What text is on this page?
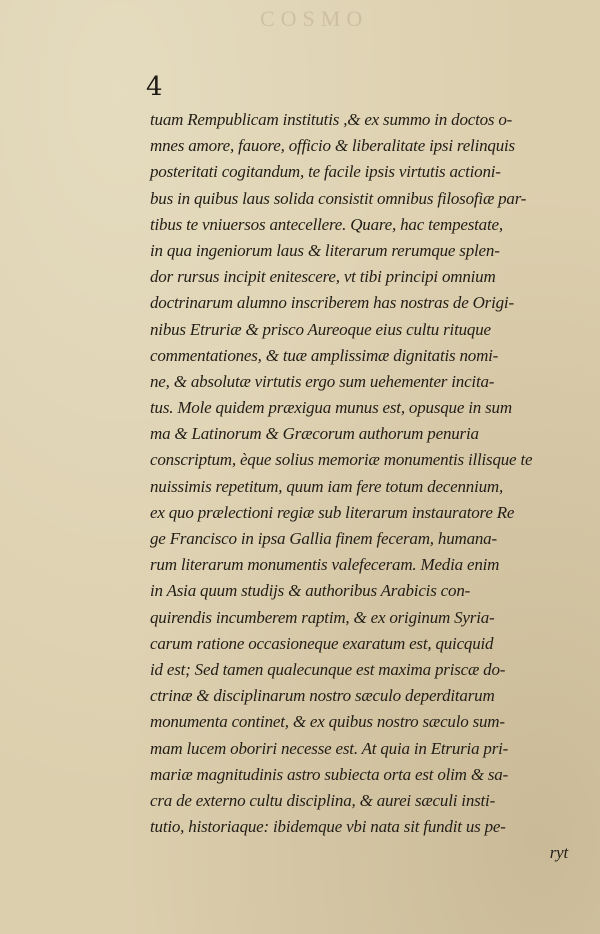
COSMO
4
tuam Rempublicam institutis ,& ex summo in doctos o-
mnes amore, fauore, officio & liberalitate ipsi relinquis
posteritati cogitandum, te facile ipsis virtutis actioni-
bus in quibus laus solida consistit omnibus filosofiæ par-
tibus te vniuersos antecellere. Quare, hac tempestate,
in qua ingeniorum laus & literarum rerumque splen-
dor rursus incipit enitescere, vt tibi principi omnium
doctrinarum alumno inscriberem has nostras de Origi-
nibus Etruriæ & prisco Aureoque eius cultu rituque
commentationes, & tuæ amplissimæ dignitatis nomi-
ne, & absolutæ virtutis ergo sum uehementer incita-
tus. Mole quidem præxigua munus est, opusque in sum
ma & Latinorum & Græcorum authorum penuria
conscriptum, èque solius memoriæ monumentis illisque te
nuissimis repetitum, quum iam fere totum decennium,
ex quo prælectioni regiæ sub literarum instauratore Re
ge Francisco in ipsa Gallia finem feceram, humana-
rum literarum monumentis valefeceram. Media enim
in Asia quum studijs & authoribus Arabicis con-
quirendis incumberem raptim, & ex originum Syria-
carum ratione occasioneque exaratum est, quicquid
id est; Sed tamen qualecunque est maxima priscæ do-
ctrinæ & disciplinarum nostro sæculo deperditarum
monumenta continet, & ex quibus nostro sæculo sum-
mam lucem oboriri necesse est. At quia in Etruria pri-
mariæ magnitudinis astro subiecta orta est olim & sa-
cra de externo cultu disciplina, & aurei sæculi insti-
tutio, historiaque: ibidemque vbi nata sit fundit us pe-
ryt
